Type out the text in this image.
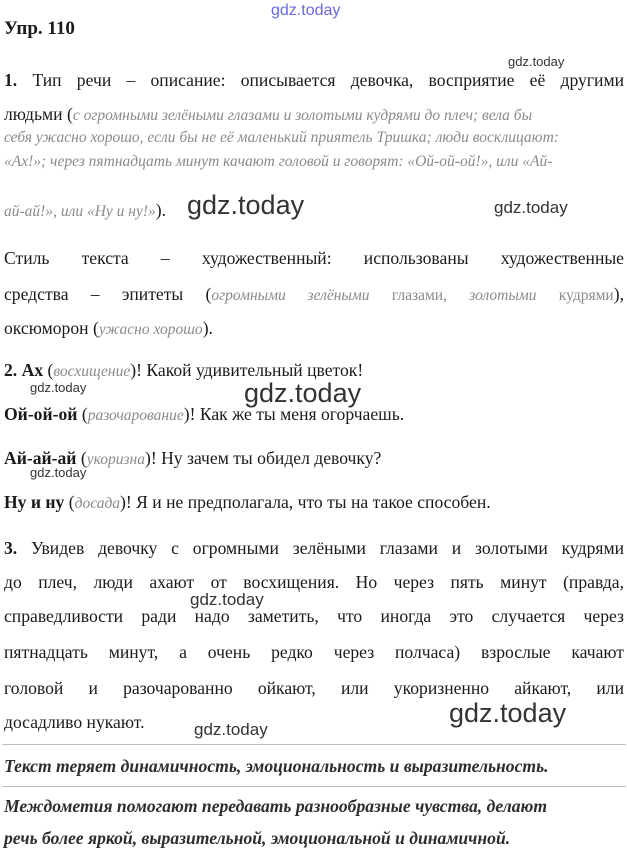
gdz.today
gdz.today
gdz.today	gdz.today
gdz.today
gdz.today
gdz.today
gdz.today
gdz.today
gdz.today
Упр. 110
1. Тип речи – описание: описывается девочка, восприятие её другими
людьми (с огромными зелёными глазами и золотыми кудрями до плеч; вела бы
себя ужасно хорошо, если бы не её маленький приятель Тришка; люди восклицают:
«Ах!»; через пятнадцать минут качают головой и говорят: «Ой-ой-ой!», или «Ай-
ай-ай!», или «Ну и ну!»).
Стиль текста – художественный: использованы художественные
средства – эпитеты (огромными зелёными глазами, золотыми кудрями),
оксюморон (ужасно хорошо).
2. Ах (восхищение)! Какой удивительный цветок!
Ой-ой-ой (разочарование)! Как же ты меня огорчаешь.
Ай-ай-ай (укоризна)! Ну зачем ты обидел девочку?
Ну и ну (досада)! Я и не предполагала, что ты на такое способен.
3. Увидев девочку с огромными зелёными глазами и золотыми кудрями
до плеч, люди ахают от восхищения. Но через пять минут (правда,
справедливости ради надо заметить, что иногда это случается через
пятнадцать минут, а очень редко через полчаса) взрослые качают
головой и разочарованно ойкают, или укоризненно айкают, или
досадливо нукают.
Текст теряет динамичность, эмоциональность и выразительность.
Междометия помогают передавать разнообразные чувства, делают
речь более яркой, выразительной, эмоциональной и динамичной.
